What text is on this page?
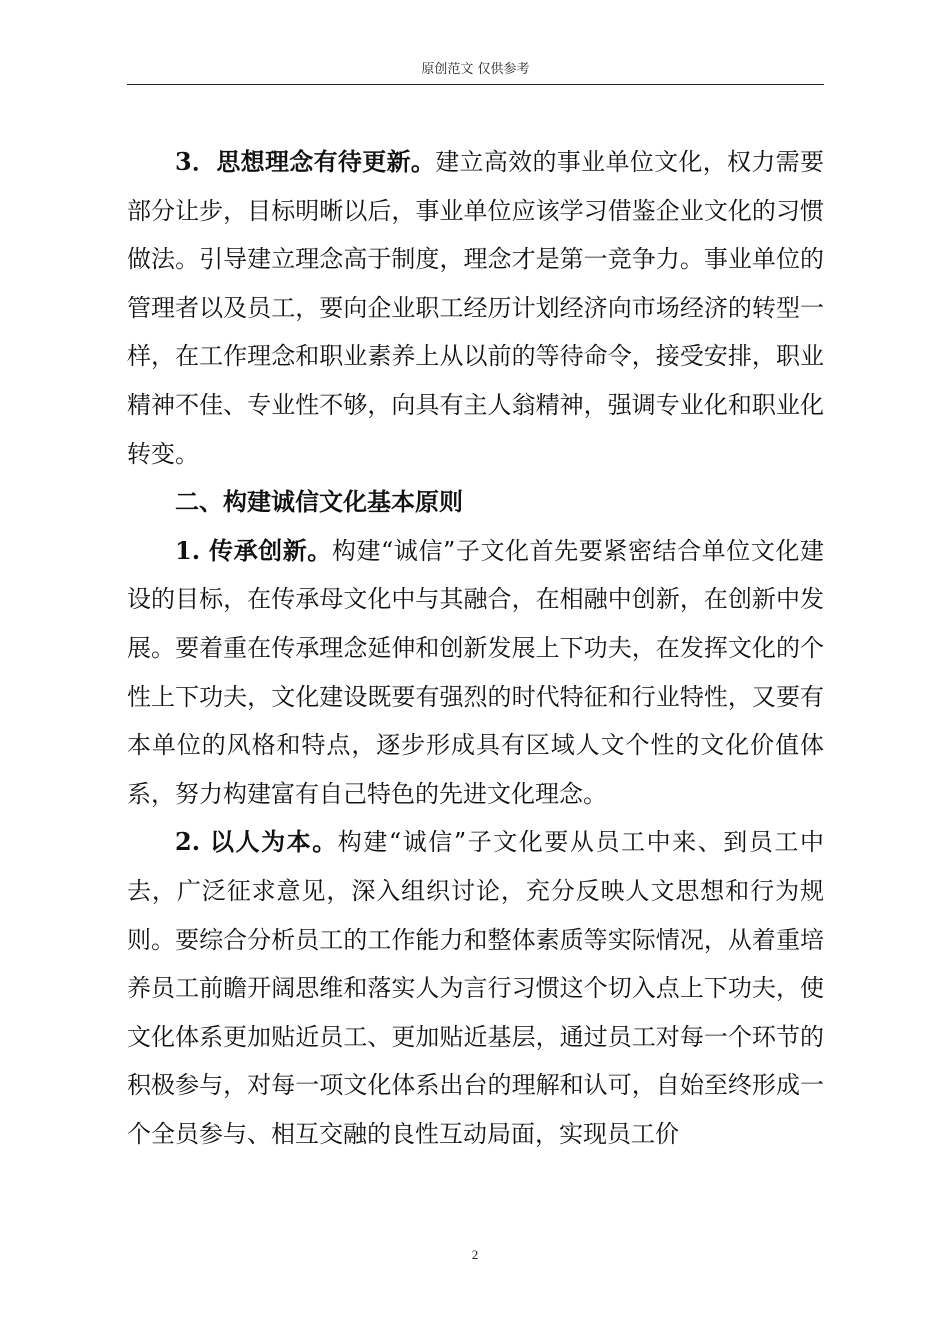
原创范文 仅供参考

3．思想理念有待更新。建立高效的事业单位文化，权力需要部分让步，目标明晰以后，事业单位应该学习借鉴企业文化的习惯做法。引导建立理念高于制度，理念才是第一竞争力。事业单位的管理者以及员工，要向企业职工经历计划经济向市场经济的转型一样，在工作理念和职业素养上从以前的等待命令，接受安排，职业精神不佳、专业性不够，向具有主人翁精神，强调专业化和职业化转变。

二、构建诚信文化基本原则

1. 传承创新。构建“诚信”子文化首先要紧密结合单位文化建设的目标，在传承母文化中与其融合，在相融中创新，在创新中发展。要着重在传承理念延伸和创新发展上下功夫，在发挥文化的个性上下功夫，文化建设既要有强烈的时代特征和行业特性，又要有本单位的风格和特点，逐步形成具有区域人文个性的文化价值体系，努力构建富有自己特色的先进文化理念。

2. 以人为本。构建“诚信”子文化要从员工中来、到员工中去，广泛征求意见，深入组织讨论，充分反映人文思想和行为规则。要综合分析员工的工作能力和整体素质等实际情况，从着重培养员工前瞻开阔思维和落实人为言行习惯这个切入点上下功夫，使文化体系更加贴近员工、更加贴近基层，通过员工对每一个环节的积极参与，对每一项文化体系出台的理解和认可，自始至终形成一个全员参与、相互交融的良性互动局面，实现员工价

2
